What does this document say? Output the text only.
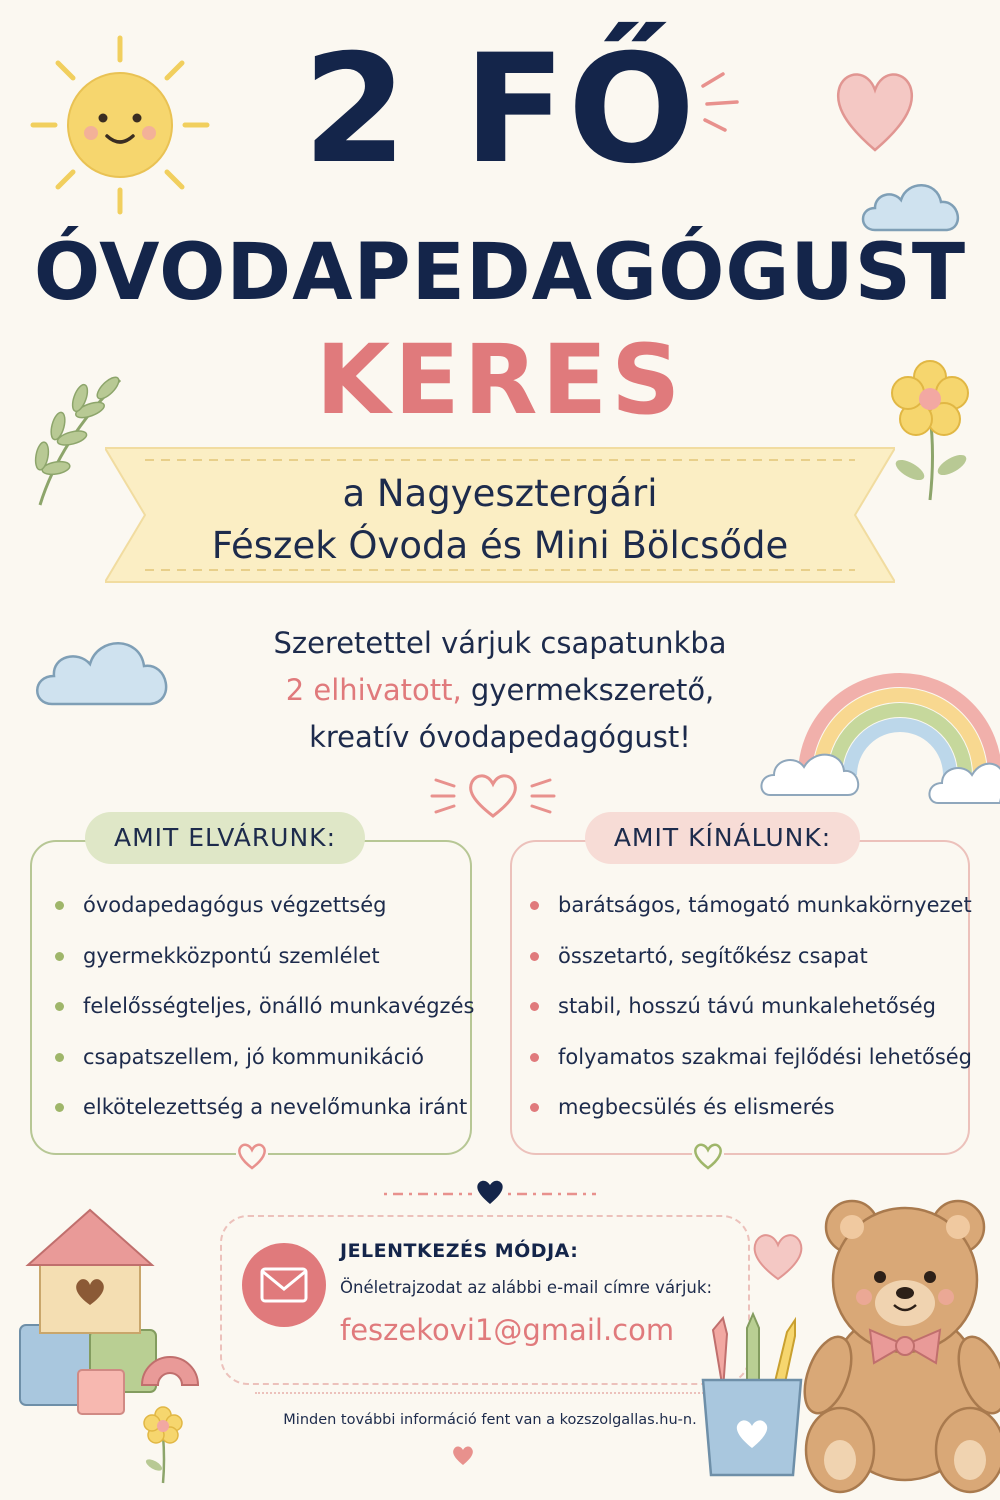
2 FŐ
ÓVODAPEDAGÓGUST
KERES
a Nagyesztergári
Fészek Óvoda és Mini Bölcsőde
Szeretettel várjuk csapatunkba
2 elhivatott, gyermekszerető,
kreatív óvodapedagógust!
AMIT ELVÁRUNK:
óvodapedagógus végzettség
gyermekközpontú szemlélet
felelősségteljes, önálló munkavégzés
csapatszellem, jó kommunikáció
elkötelezettség a nevelőmunka iránt
AMIT KÍNÁLUNK:
barátságos, támogató munkakörnyezet
összetartó, segítőkész csapat
stabil, hosszú távú munkalehetőség
folyamatos szakmai fejlődési lehetőség
megbecsülés és elismerés
JELENTKEZÉS MÓDJA:
Önéletrajzodat az alábbi e-mail címre várjuk:
feszekovi1@gmail.com
Minden további információ fent van a kozszolgallas.hu-n.
